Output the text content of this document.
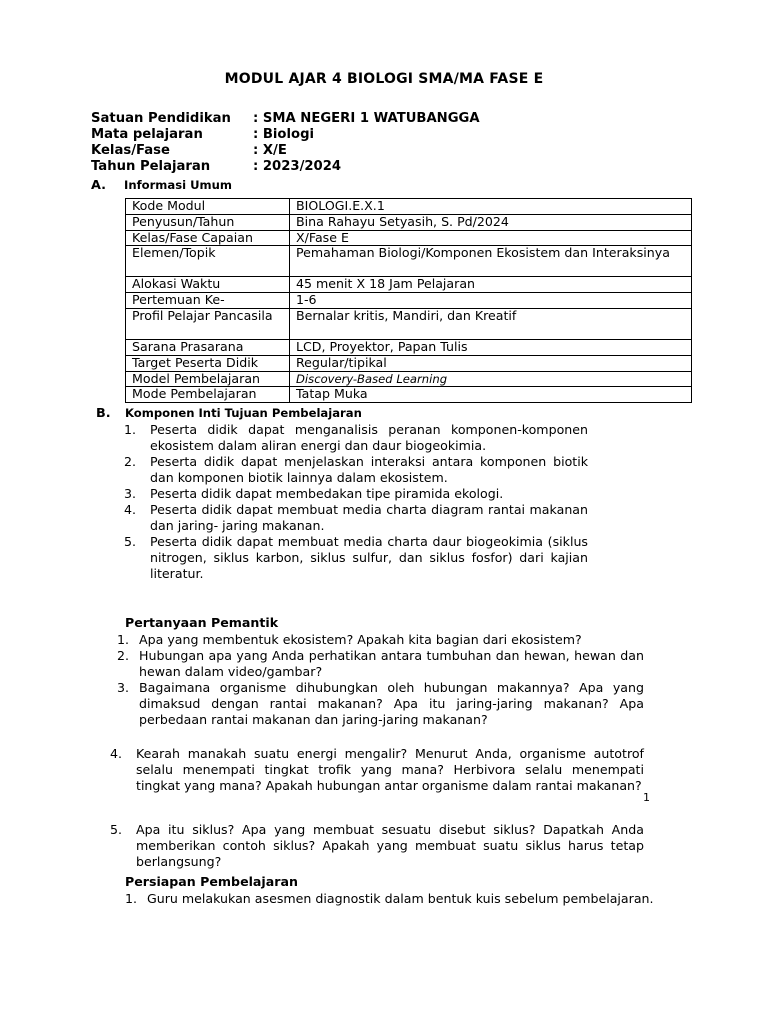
MODUL AJAR 4 BIOLOGI SMA/MA FASE E
Satuan Pendidikan	: SMA NEGERI 1 WATUBANGGA
Mata pelajaran	: Biologi
Kelas/Fase	: X/E
Tahun Pelajaran	: 2023/2024
A. Informasi Umum
Kode Modul	BIOLOGI.E.X.1
Penyusun/Tahun	Bina Rahayu Setyasih, S. Pd/2024
Kelas/Fase Capaian	X/Fase E
Elemen/Topik	Pemahaman Biologi/Komponen Ekosistem dan Interaksinya
Alokasi Waktu	45 menit X 18 Jam Pelajaran
Pertemuan Ke-	1-6
Profil Pelajar Pancasila	Bernalar kritis, Mandiri, dan Kreatif
Sarana Prasarana	LCD, Proyektor, Papan Tulis
Target Peserta Didik	Regular/tipikal
Model Pembelajaran	Discovery-Based Learning
Mode Pembelajaran	Tatap Muka
B. Komponen Inti Tujuan Pembelajaran
1.	Peserta didik dapat menganalisis peranan komponen-komponen ekosistem dalam aliran energi dan daur biogeokimia.
2.	Peserta didik dapat menjelaskan interaksi antara komponen biotik dan komponen biotik lainnya dalam ekosistem.
3.	Peserta didik dapat membedakan tipe piramida ekologi.
4.	Peserta didik dapat membuat media charta diagram rantai makanan dan jaring- jaring makanan.
5.	Peserta didik dapat membuat media charta daur biogeokimia (siklus nitrogen, siklus karbon, siklus sulfur, dan siklus fosfor) dari kajian literatur.
Pertanyaan Pemantik
1. Apa yang membentuk ekosistem? Apakah kita bagian dari ekosistem?
2. Hubungan apa yang Anda perhatikan antara tumbuhan dan hewan, hewan dan hewan dalam video/gambar?
3. Bagaimana organisme dihubungkan oleh hubungan makannya? Apa yang dimaksud dengan rantai makanan? Apa itu jaring-jaring makanan? Apa perbedaan rantai makanan dan jaring-jaring makanan?
4.	Kearah manakah suatu energi mengalir? Menurut Anda, organisme autotrof selalu menempati tingkat trofik yang mana? Herbivora selalu menempati tingkat yang mana? Apakah hubungan antar organisme dalam rantai makanan?
1
5.	Apa itu siklus? Apa yang membuat sesuatu disebut siklus? Dapatkah Anda memberikan contoh siklus? Apakah yang membuat suatu siklus harus tetap berlangsung?
Persiapan Pembelajaran
1. Guru melakukan asesmen diagnostik dalam bentuk kuis sebelum pembelajaran.
